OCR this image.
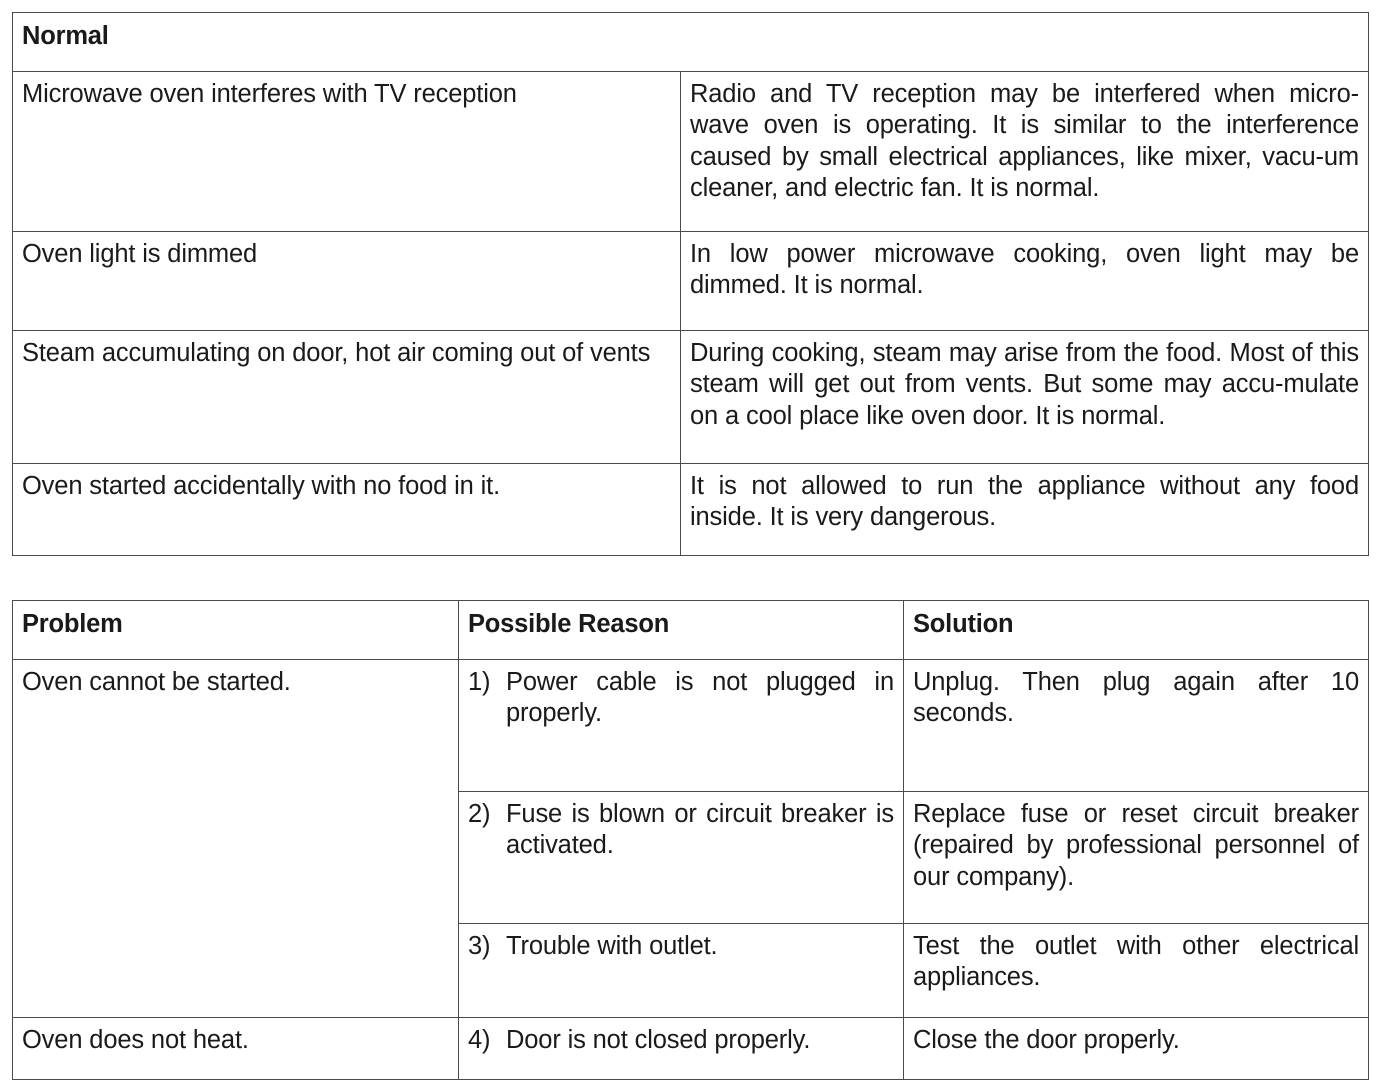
Normal	
Microwave oven interferes with TV reception	Radio and TV reception may be interfered when micro-wave oven is operating. It is similar to the interference caused by small electrical appliances, like mixer, vacu-um cleaner, and electric fan. It is normal.
Oven light is dimmed	In low power microwave cooking, oven light may be dimmed. It is normal.
Steam accumulating on door, hot air coming out of vents	During cooking, steam may arise from the food. Most of this steam will get out from vents. But some may accu-mulate on a cool place like oven door. It is normal.
Oven started accidentally with no food in it.	It is not allowed to run the appliance without any food inside. It is very dangerous.
Problem	Possible Reason	Solution
Oven cannot be started.	1) Power cable is not plugged in properly.	Unplug. Then plug again after 10 seconds.

	2) Fuse is blown or circuit breaker is activated.	Replace fuse or reset circuit breaker (repaired by professional personnel of our company).

	3) Trouble with outlet.	Test the outlet with other electrical appliances.
Oven does not heat.	4) Door is not closed properly.	Close the door properly.
